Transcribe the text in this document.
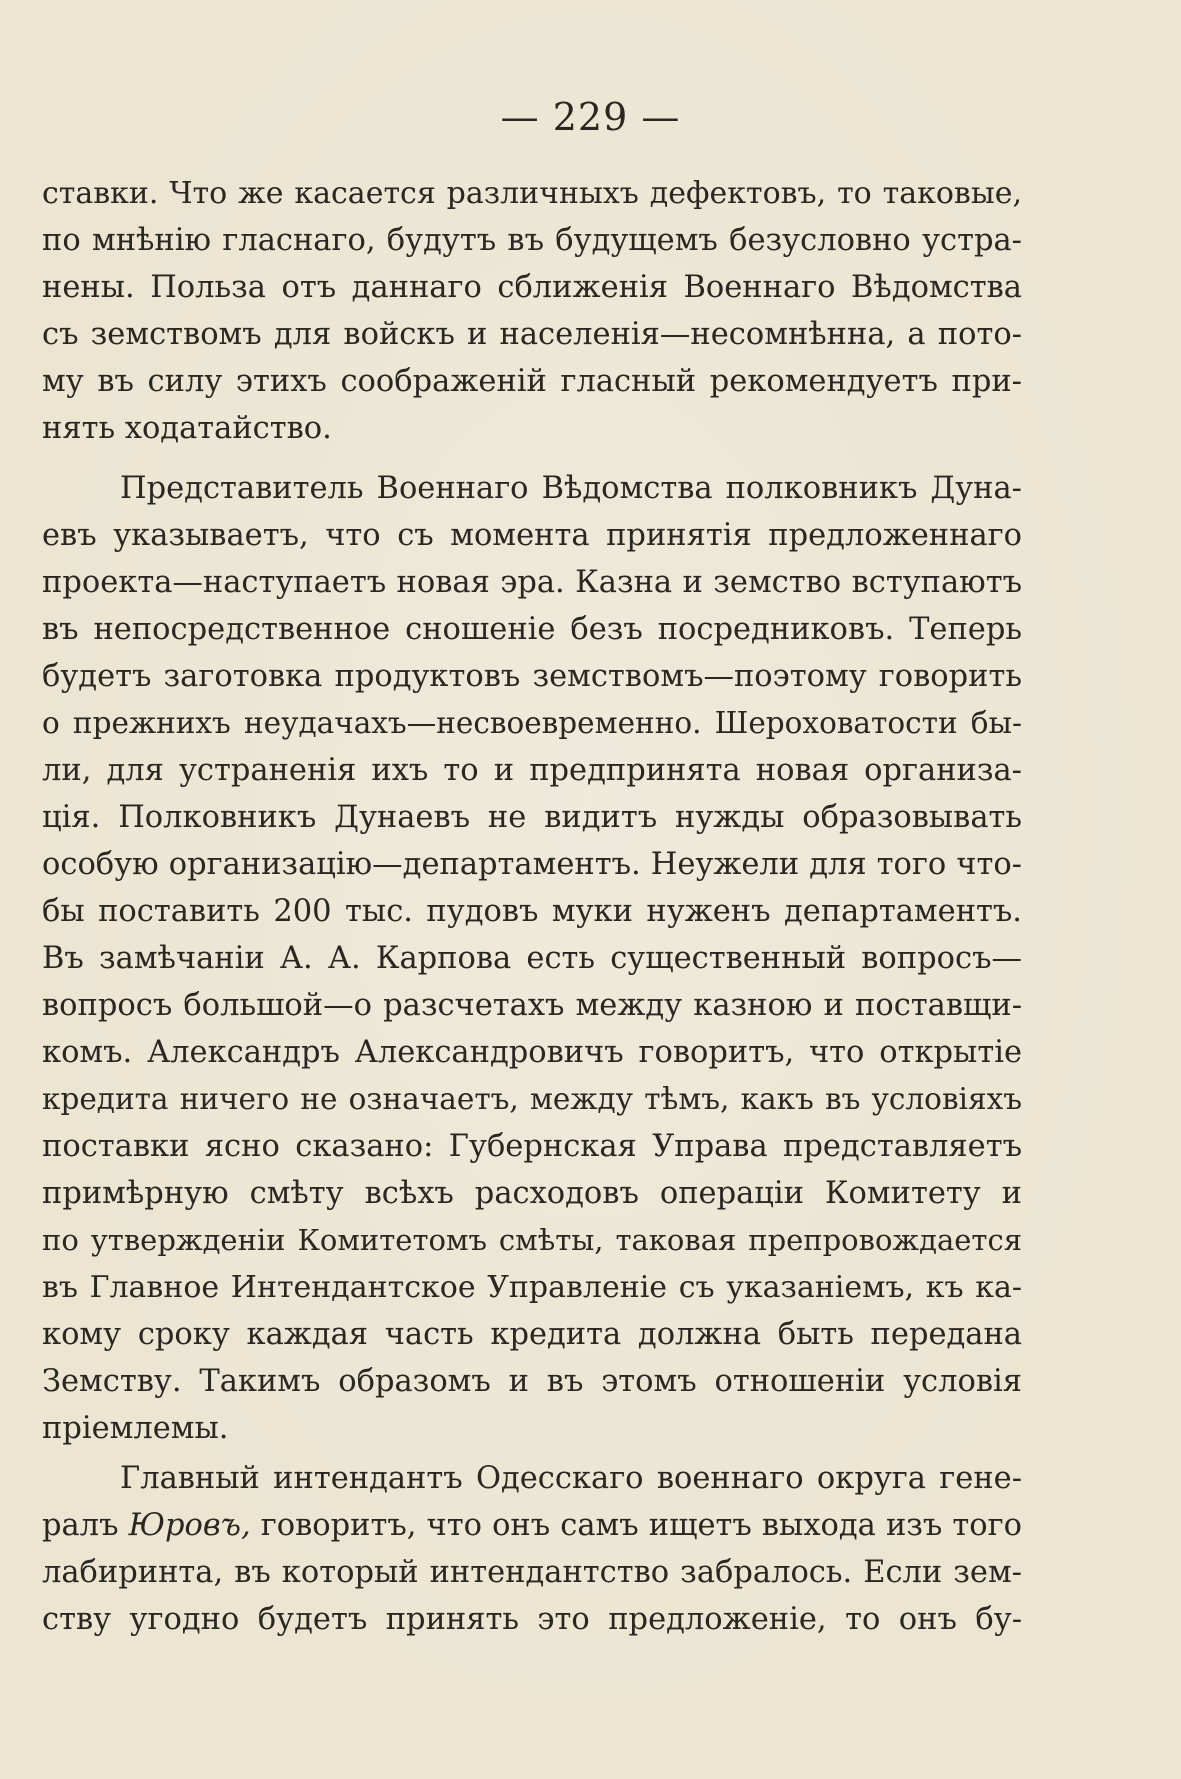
— 229 —
ставки. Что же касается различныхъ дефектовъ, то таковые,
по мнѣнію гласнаго, будутъ въ будущемъ безусловно устра-
нены. Польза отъ даннаго сближенія Военнаго Вѣдомства
съ земствомъ для войскъ и населенія—несомнѣнна, а пото-
му въ силу этихъ соображеній гласный рекомендуетъ при-
нять ходатайство.
Представитель Военнаго Вѣдомства полковникъ Дуна-
евъ указываетъ, что съ момента принятія предложеннаго
проекта—наступаетъ новая эра. Казна и земство вступаютъ
въ непосредственное сношеніе безъ посредниковъ. Теперь
будетъ заготовка продуктовъ земствомъ—поэтому говорить
о прежнихъ неудачахъ—несвоевременно. Шероховатости бы-
ли, для устраненія ихъ то и предпринята новая организа-
ція. Полковникъ Дунаевъ не видитъ нужды образовывать
особую организацію—департаментъ. Неужели для того что-
бы поставить 200 тыс. пудовъ муки нуженъ департаментъ.
Въ замѣчаніи А. А. Карпова есть существенный вопросъ—
вопросъ большой—о разсчетахъ между казною и поставщи-
комъ. Александръ Александровичъ говоритъ, что открытіе
кредита ничего не означаетъ, между тѣмъ, какъ въ условіяхъ
поставки ясно сказано: Губернская Управа представляетъ
примѣрную смѣту всѣхъ расходовъ операціи Комитету и
по утвержденіи Комитетомъ смѣты, таковая препровождается
въ Главное Интендантское Управленіе съ указаніемъ, къ ка-
кому сроку каждая часть кредита должна быть передана
Земству. Такимъ образомъ и въ этомъ отношеніи условія
пріемлемы.
Главный интендантъ Одесскаго военнаго округа гене-
ралъ Юровъ, говоритъ, что онъ самъ ищетъ выхода изъ того
лабиринта, въ который интендантство забралось. Если зем-
ству угодно будетъ принять это предложеніе, то онъ бу-
